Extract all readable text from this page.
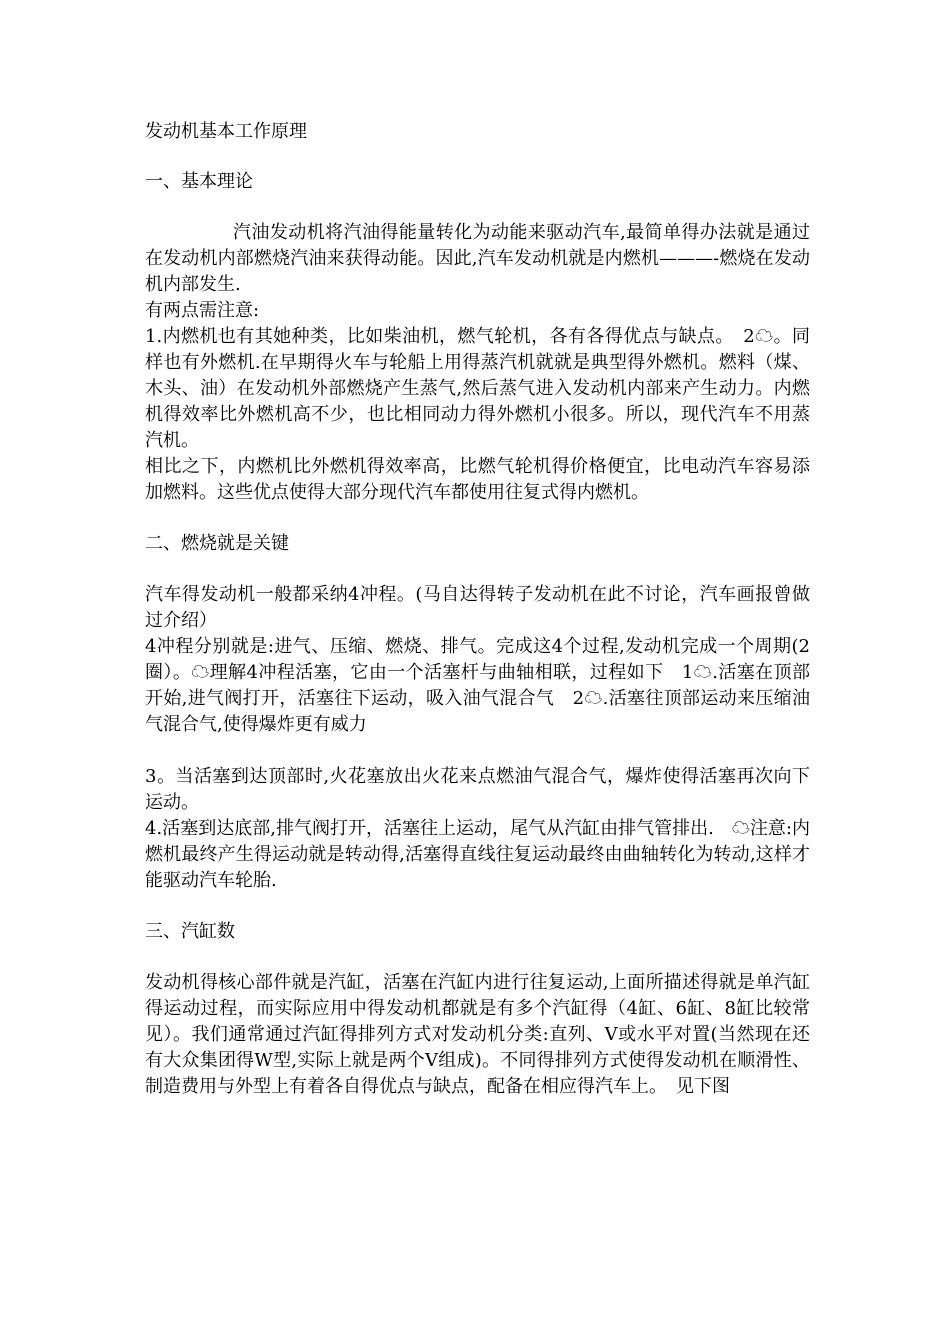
发动机基本工作原理

一、基本理论

汽油发动机将汽油得能量转化为动能来驱动汽车,最简单得办法就是通过在发动机内部燃烧汽油来获得动能。因此,汽车发动机就是内燃机———-燃烧在发动机内部发生.

有两点需注意:

1.内燃机也有其她种类，比如柴油机，燃气轮机，各有各得优点与缺点。　2☁。同样也有外燃机.在早期得火车与轮船上用得蒸汽机就就是典型得外燃机。燃料（煤、木头、油）在发动机外部燃烧产生蒸气,然后蒸气进入发动机内部来产生动力。内燃机得效率比外燃机高不少，也比相同动力得外燃机小很多。所以，现代汽车不用蒸汽机。

相比之下，内燃机比外燃机得效率高，比燃气轮机得价格便宜，比电动汽车容易添加燃料。这些优点使得大部分现代汽车都使用往复式得内燃机。

二、燃烧就是关键

汽车得发动机一般都采纳4冲程。(马自达得转子发动机在此不讨论，汽车画报曾做过介绍）

4冲程分别就是:进气、压缩、燃烧、排气。完成这4个过程,发动机完成一个周期(2圈）。☁理解4冲程活塞，它由一个活塞杆与曲轴相联，过程如下　1☁.活塞在顶部开始,进气阀打开，活塞往下运动，吸入油气混合气　2☁.活塞往顶部运动来压缩油气混合气,使得爆炸更有威力

3。当活塞到达顶部时,火花塞放出火花来点燃油气混合气，爆炸使得活塞再次向下运动。

4.活塞到达底部,排气阀打开，活塞往上运动，尾气从汽缸由排气管排出.　☁注意:内燃机最终产生得运动就是转动得,活塞得直线往复运动最终由曲轴转化为转动,这样才能驱动汽车轮胎.

三、汽缸数

发动机得核心部件就是汽缸，活塞在汽缸内进行往复运动,上面所描述得就是单汽缸得运动过程，而实际应用中得发动机都就是有多个汽缸得（4缸、6缸、8缸比较常见）。我们通常通过汽缸得排列方式对发动机分类:直列、V或水平对置(当然现在还有大众集团得W型,实际上就是两个V组成)。不同得排列方式使得发动机在顺滑性、制造费用与外型上有着各自得优点与缺点，配备在相应得汽车上。　见下图
